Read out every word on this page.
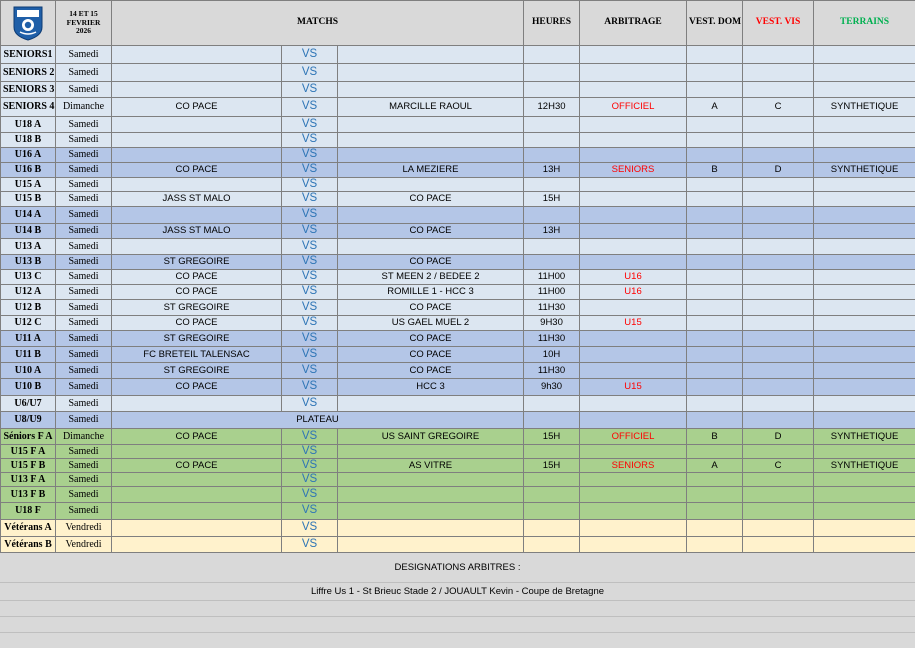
14 ET 15
FEVRIER
2026	MATCHS			HEURES	ARBITRAGE	VEST. DOM	VEST. VIS	TERRAINS
SENIORS1	Samedi		VS						
SENIORS 2	Samedi		VS						
SENIORS 3	Samedi		VS						
SENIORS 4	Dimanche	CO PACE	VS	MARCILLE RAOUL	12H30	OFFICIEL	A	C	SYNTHETIQUE
U18 A	Samedi		VS						
U18 B	Samedi		VS						
U16 A	Samedi		VS						
U16 B	Samedi	CO PACE	VS	LA MEZIERE	13H	SENIORS	B	D	SYNTHETIQUE
U15 A	Samedi		VS						
U15 B	Samedi	JASS ST MALO	VS	CO PACE	15H				
U14 A	Samedi		VS						
U14 B	Samedi	JASS ST MALO	VS	CO PACE	13H				
U13 A	Samedi		VS						
U13 B	Samedi	ST GREGOIRE	VS	CO PACE					
U13 C	Samedi	CO PACE	VS	ST MEEN 2 / BEDEE 2	11H00	U16			
U12 A	Samedi	CO PACE	VS	ROMILLE 1 - HCC 3	11H00	U16			
U12 B	Samedi	ST GREGOIRE	VS	CO PACE	11H30				
U12 C	Samedi	CO PACE	VS	US GAEL MUEL 2	9H30	U15			
U11 A	Samedi	ST GREGOIRE	VS	CO PACE	11H30				
U11 B	Samedi	FC BRETEIL TALENSAC	VS	CO PACE	10H				
U10 A	Samedi	ST GREGOIRE	VS	CO PACE	11H30				
U10 B	Samedi	CO PACE	VS	HCC 3	9h30	U15			
U6/U7	Samedi		VS						
U8/U9	Samedi	PLATEAU							
Séniors F A	Dimanche	CO PACE	VS	US SAINT GREGOIRE	15H	OFFICIEL	B	D	SYNTHETIQUE
U15 F A	Samedi		VS						
U15 F B	Samedi	CO PACE	VS	AS VITRE	15H	SENIORS	A	C	SYNTHETIQUE
U13 F A	Samedi		VS						
U13 F B	Samedi		VS						
U18 F	Samedi		VS						
Vétérans A	Vendredi		VS						
Vétérans B	Vendredi		VS						
DESIGNATIONS ARBITRES :
Liffre Us 1 - St Brieuc Stade 2 / JOUAULT Kevin - Coupe de Bretagne
